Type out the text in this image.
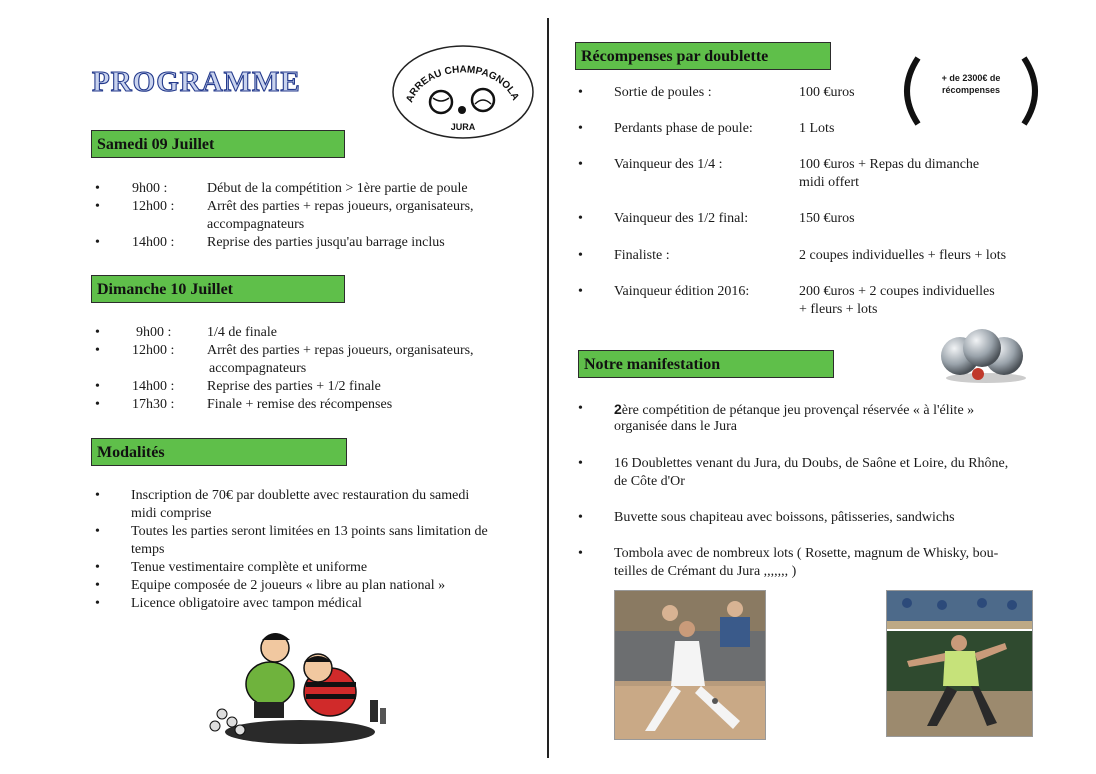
PROGRAMME
ARREAU CHAMPAGNOLA
JURA
Samedi 09 Juillet
• 9h00 :	Début de la compétition > 1ère partie de poule
• 12h00 : Arrêt des parties + repas joueurs, organisateurs,
accompagnateurs
• 14h00 : Reprise des parties jusqu'au barrage inclus
Dimanche 10 Juillet
•	9h00 :	1/4 de finale
• 12h00 : Arrêt des parties + repas joueurs, organisateurs,
accompagnateurs
• 14h00 : Reprise des parties + 1/2 finale
• 17h30 : Finale + remise des récompenses
Modalités
• Inscription de 70€ par doublette avec restauration du samedi
midi comprise
• Toutes les parties seront limitées en 13 points sans limitation de
temps
• Tenue vestimentaire complète et uniforme
• Equipe composée de 2 joueurs « libre au plan national »
• Licence obligatoire avec tampon médical
Récompenses par doublette
+ de 2300€ de
récompenses
• Sortie de poules :	100 €uros
• Perdants phase de poule:	1 Lots
• Vainqueur des 1/4 :	100 €uros + Repas du dimanche
midi offert
• Vainqueur des 1/2 final:	150 €uros
• Finaliste :	2 coupes individuelles + fleurs + lots
• Vainqueur édition 2016:	200 €uros + 2 coupes individuelles
+ fleurs + lots
Notre manifestation
• 2ère compétition de pétanque jeu provençal réservée « à l'élite »
organisée dans le Jura
• 16 Doublettes venant du Jura, du Doubs, de Saône et Loire, du Rhône,
de Côte d'Or
• Buvette sous chapiteau avec boissons, pâtisseries, sandwichs
• Tombola avec de nombreux lots ( Rosette, magnum de Whisky, bou-
teilles de Crémant du Jura ,,,,,,, )
